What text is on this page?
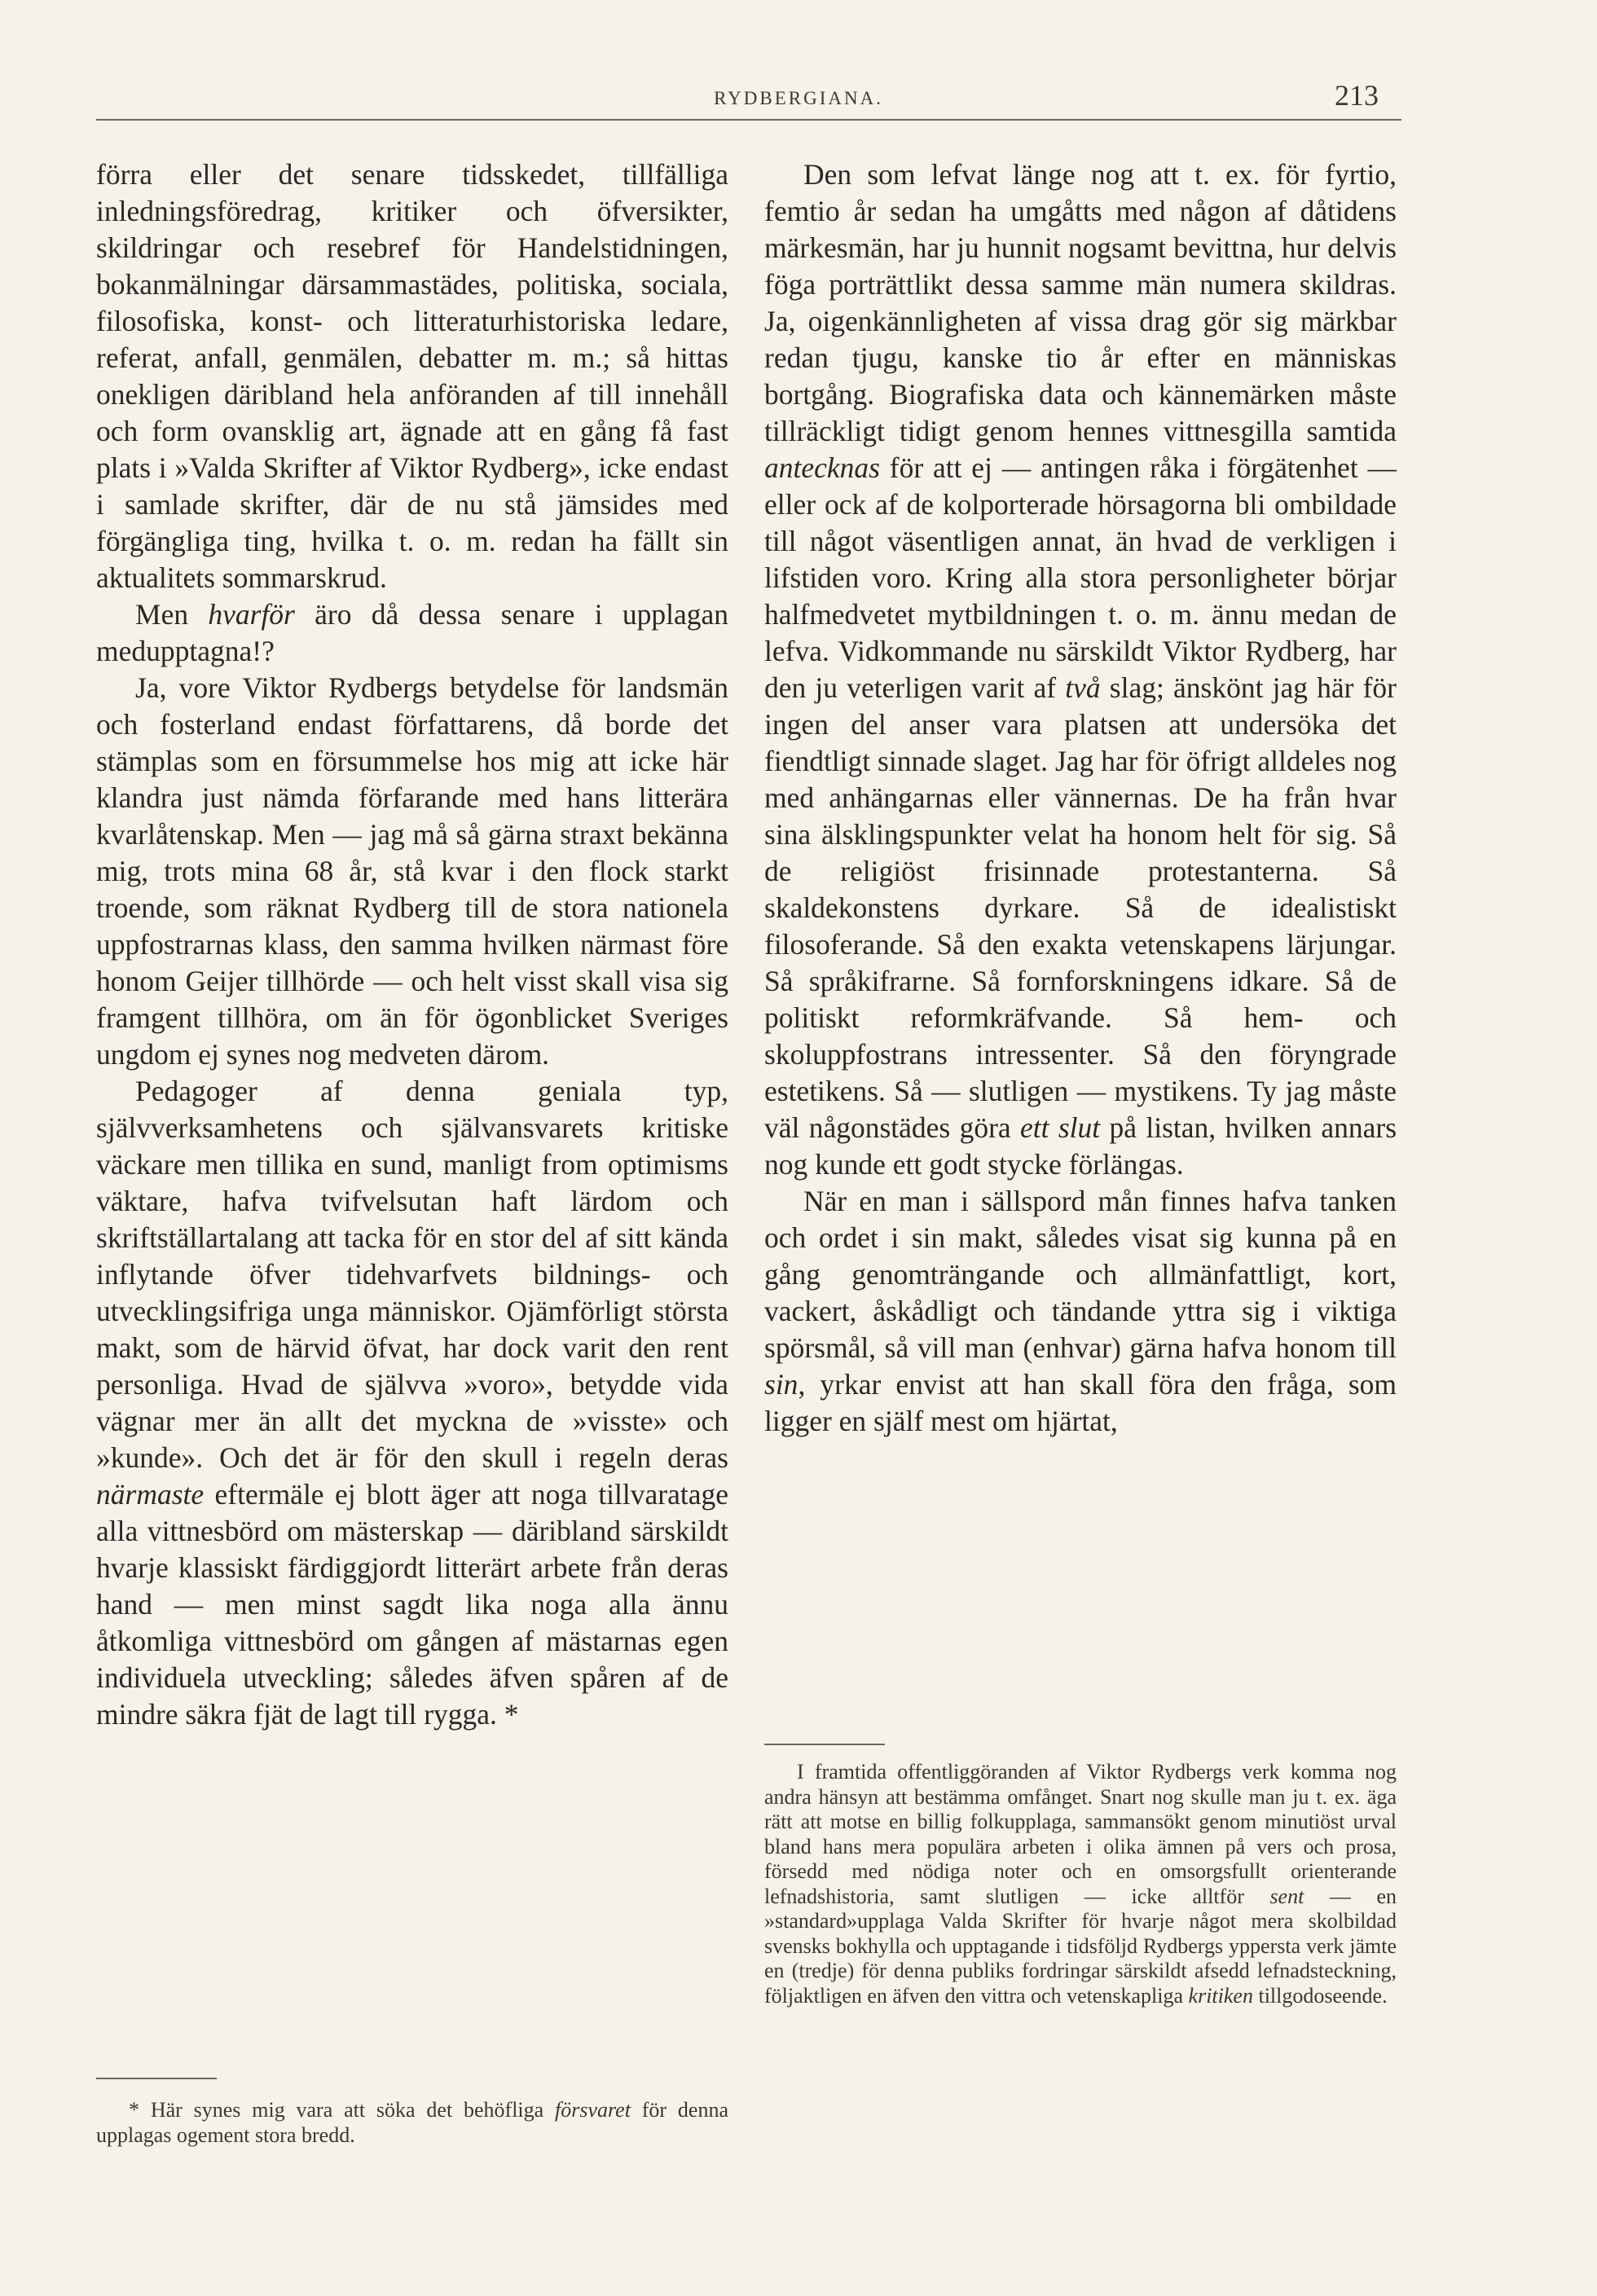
RYDBERGIANA.	213

förra eller det senare tidsskedet, tillfälliga inledningsföredrag, kritiker och öfversikter, skildringar och resebref för Handelstidningen, bokanmälningar därsammastädes, politiska, sociala, filosofiska, konst- och litteraturhistoriska ledare, referat, anfall, genmälen, debatter m. m.; så hittas onekligen däribland hela anföranden af till innehåll och form ovansklig art, ägnade att en gång få fast plats i »Valda Skrifter af Viktor Rydberg», icke endast i samlade skrifter, där de nu stå jämsides med förgängliga ting, hvilka t. o. m. redan ha fällt sin aktualitets sommarskrud.

Men hvarför äro då dessa senare i upplagan medupptagna!?

Ja, vore Viktor Rydbergs betydelse för landsmän och fosterland endast författarens, då borde det stämplas som en försummelse hos mig att icke här klandra just nämda förfarande med hans litterära kvarlåtenskap. Men — jag må så gärna straxt bekänna mig, trots mina 68 år, stå kvar i den flock starkt troende, som räknat Rydberg till de stora nationela uppfostrarnas klass, den samma hvilken närmast före honom Geijer tillhörde — och helt visst skall visa sig framgent tillhöra, om än för ögonblicket Sveriges ungdom ej synes nog medveten därom.

Pedagoger af denna geniala typ, självverksamhetens och självansvarets kritiske väckare men tillika en sund, manligt from optimisms väktare, hafva tvifvelsutan haft lärdom och skriftställartalang att tacka för en stor del af sitt kända inflytande öfver tidehvarfvets bildnings- och utvecklingsifriga unga människor. Ojämförligt största makt, som de härvid öfvat, har dock varit den rent personliga. Hvad de självva »voro», betydde vida vägnar mer än allt det myckna de »visste» och »kunde». Och det är för den skull i regeln deras närmaste eftermäle ej blott äger att noga tillvaratage alla vittnesbörd om mästerskap — däribland särskildt hvarje klassiskt färdiggjordt litterärt arbete från deras hand — men minst sagdt lika noga alla ännu åtkomliga vittnesbörd om gången af mästarnas egen individuela utveckling; således äfven spåren af de mindre säkra fjät de lagt till rygga. *

* Här synes mig vara att söka det behöfliga försvaret för denna upplagas ogement stora bredd.

Den som lefvat länge nog att t. ex. för fyrtio, femtio år sedan ha umgåtts med någon af dåtidens märkesmän, har ju hunnit nogsamt bevittna, hur delvis föga porträttlikt dessa samme män numera skildras. Ja, oigenkännligheten af vissa drag gör sig märkbar redan tjugu, kanske tio år efter en människas bortgång. Biografiska data och kännemärken måste tillräckligt tidigt genom hennes vittnesgilla samtida antecknas för att ej — antingen råka i förgätenhet — eller ock af de kolporterade hörsagorna bli ombildade till något väsentligen annat, än hvad de verkligen i lifstiden voro. Kring alla stora personligheter börjar halfmedvetet mytbildningen t. o. m. ännu medan de lefva. Vidkommande nu särskildt Viktor Rydberg, har den ju veterligen varit af två slag; änskönt jag här för ingen del anser vara platsen att undersöka det fiendtligt sinnade slaget. Jag har för öfrigt alldeles nog med anhängarnas eller vännernas. De ha från hvar sina älsklingspunkter velat ha honom helt för sig. Så de religiöst frisinnade protestanterna. Så skaldekonstens dyrkare. Så de idealistiskt filosoferande. Så den exakta vetenskapens lärjungar. Så språkifrarne. Så fornforskningens idkare. Så de politiskt reformkräfvande. Så hem- och skoluppfostrans intressenter. Så den föryngrade estetikens. Så — slutligen — mystikens. Ty jag måste väl någonstädes göra ett slut på listan, hvilken annars nog kunde ett godt stycke förlängas.

När en man i sällspord mån finnes hafva tanken och ordet i sin makt, således visat sig kunna på en gång genomträngande och allmänfattligt, kort, vackert, åskådligt och tändande yttra sig i viktiga spörsmål, så vill man (enhvar) gärna hafva honom till sin, yrkar envist att han skall föra den fråga, som ligger en själf mest om hjärtat,

I framtida offentliggöranden af Viktor Rydbergs verk komma nog andra hänsyn att bestämma omfånget. Snart nog skulle man ju t. ex. äga rätt att motse en billig folkupplaga, sammansökt genom minutiöst urval bland hans mera populära arbeten i olika ämnen på vers och prosa, försedd med nödiga noter och en omsorgsfullt orienterande lefnadshistoria, samt slutligen — icke alltför sent — en »standard»upplaga Valda Skrifter för hvarje något mera skolbildad svensks bokhylla och upptagande i tidsföljd Rydbergs yppersta verk jämte en (tredje) för denna publiks fordringar särskildt afsedd lefnadsteckning, följaktligen en äfven den vittra och vetenskapliga kritiken tillgodoseende.
